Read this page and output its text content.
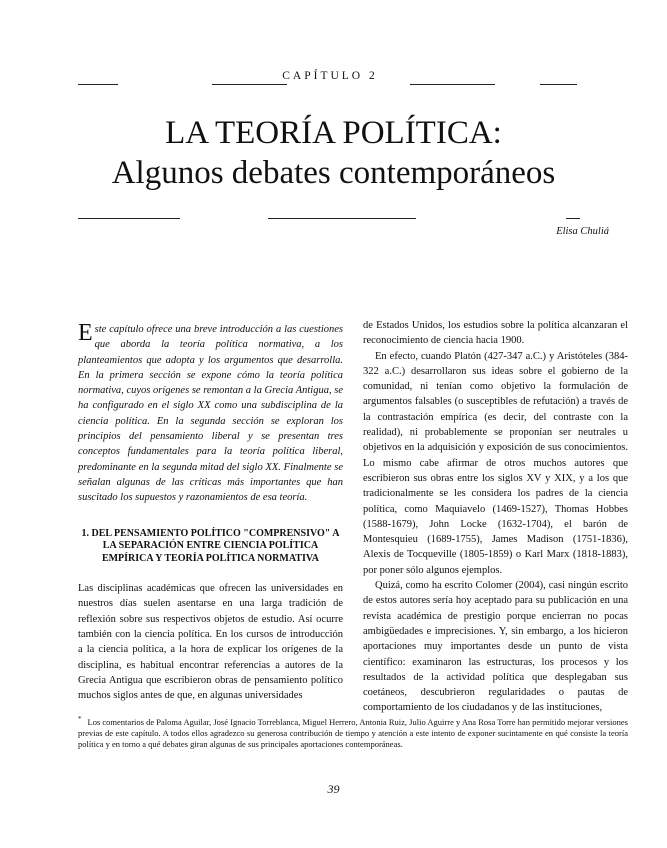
CAPÍTULO 2
LA TEORÍA POLÍTICA:
Algunos debates contemporáneos
Elisa Chuliá

Este capítulo ofrece una breve introducción a las cuestiones que aborda la teoría política normativa, a los planteamientos que adopta y los argumentos que desarrolla. En la primera sección se expone cómo la teoría política normativa, cuyos orígenes se remontan a la Grecia Antigua, se ha configurado en el siglo XX como una subdisciplina de la ciencia política. En la segunda sección se exploran los principios del pensamiento liberal y se presentan tres conceptos fundamentales para la teoría política liberal, predominante en la segunda mitad del siglo XX. Finalmente se señalan algunas de las críticas más importantes que han suscitado los supuestos y razonamientos de esa teoría.

1. DEL PENSAMIENTO POLÍTICO "COMPRENSIVO" A LA SEPARACIÓN ENTRE CIENCIA POLÍTICA EMPÍRICA Y TEORÍA POLÍTICA NORMATIVA

Las disciplinas académicas que ofrecen las universidades en nuestros días suelen asentarse en una larga tradición de reflexión sobre sus respectivos objetos de estudio. Así ocurre también con la ciencia política. En los cursos de introducción a la ciencia política, a la hora de explicar los orígenes de la disciplina, es habitual encontrar referencias a autores de la Grecia Antigua que escribieron obras de pensamiento político muchos siglos antes de que, en algunas universidades

de Estados Unidos, los estudios sobre la política alcanzaran el reconocimiento de ciencia hacia 1900.

En efecto, cuando Platón (427-347 a.C.) y Aristóteles (384-322 a.C.) desarrollaron sus ideas sobre el gobierno de la comunidad, ni tenían como objetivo la formulación de argumentos falsables (o susceptibles de refutación) a través de la contrastación empírica (es decir, del contraste con la realidad), ni probablemente se proponían ser neutrales u objetivos en la adquisición y exposición de sus conocimientos. Lo mismo cabe afirmar de otros muchos autores que escribieron sus obras entre los siglos XV y XIX, y a los que tradicionalmente se les considera los padres de la ciencia política, como Maquiavelo (1469-1527), Thomas Hobbes (1588-1679), John Locke (1632-1704), el barón de Montesquieu (1689-1755), James Madison (1751-1836), Alexis de Tocqueville (1805-1859) o Karl Marx (1818-1883), por poner sólo algunos ejemplos.

Quizá, como ha escrito Colomer (2004), casi ningún escrito de estos autores sería hoy aceptado para su publicación en una revista académica de prestigio porque encierran no pocas ambigüedades e imprecisiones. Y, sin embargo, a los hicieron aportaciones muy importantes desde un punto de vista científico: examinaron las estructuras, los procesos y los resultados de la actividad política que desplegaban sus coetáneos, descubrieron regularidades o pautas de comportamiento de los ciudadanos y de las instituciones,

* Los comentarios de Paloma Aguilar, José Ignacio Torreblanca, Miguel Herrero, Antonia Ruiz, Julio Aguirre y Ana Rosa Torre han permitido mejorar versiones previas de este capítulo. A todos ellos agradezco su generosa contribución de tiempo y atención a este intento de exponer sucintamente en qué consiste la teoría política y en torno a qué debates giran algunas de sus principales aportaciones contemporáneas.
39
